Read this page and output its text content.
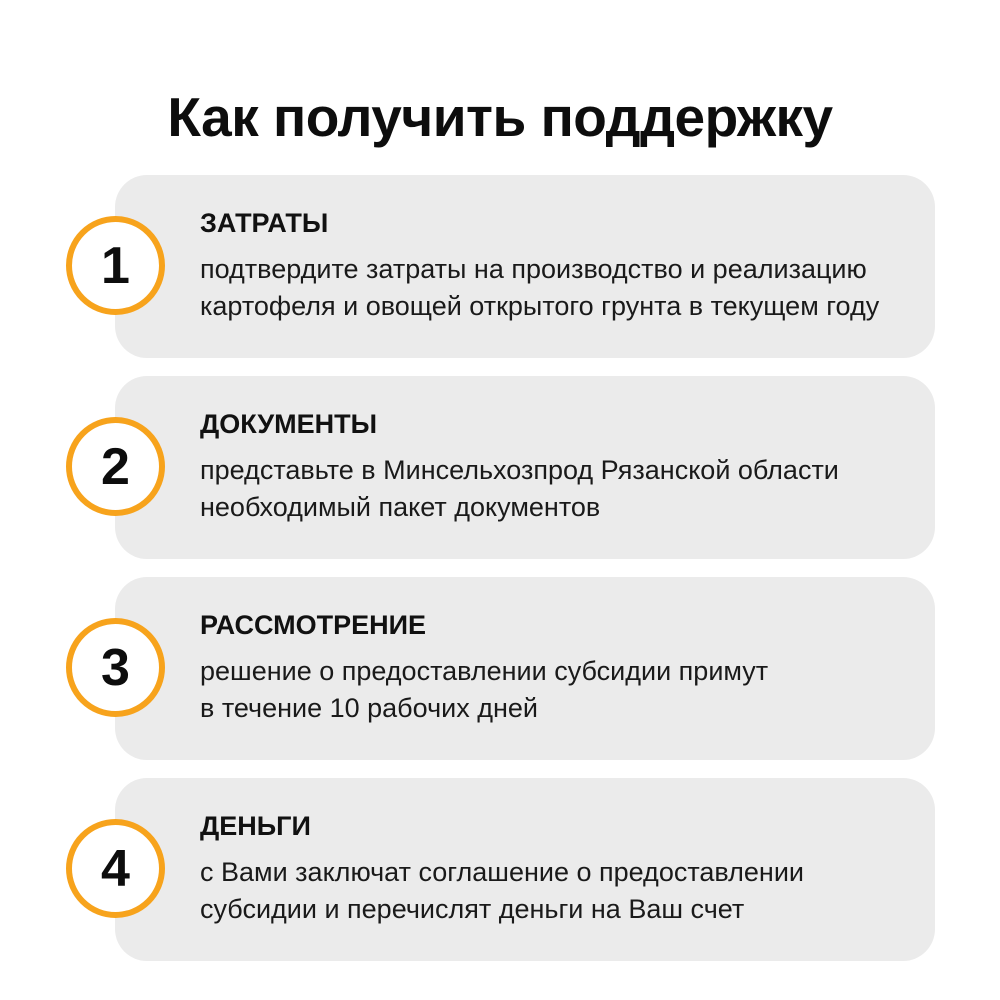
Как получить поддержку
1
ЗАТРАТЫ
подтвердите затраты на производство и реализацию
картофеля и овощей открытого грунта в текущем году
2
ДОКУМЕНТЫ
представьте в Минсельхозпрод Рязанской области
необходимый пакет документов
3
РАССМОТРЕНИЕ
решение о предоставлении субсидии примут
в течение 10 рабочих дней
4
ДЕНЬГИ
с Вами заключат соглашение о предоставлении
субсидии и перечислят деньги на Ваш счет
